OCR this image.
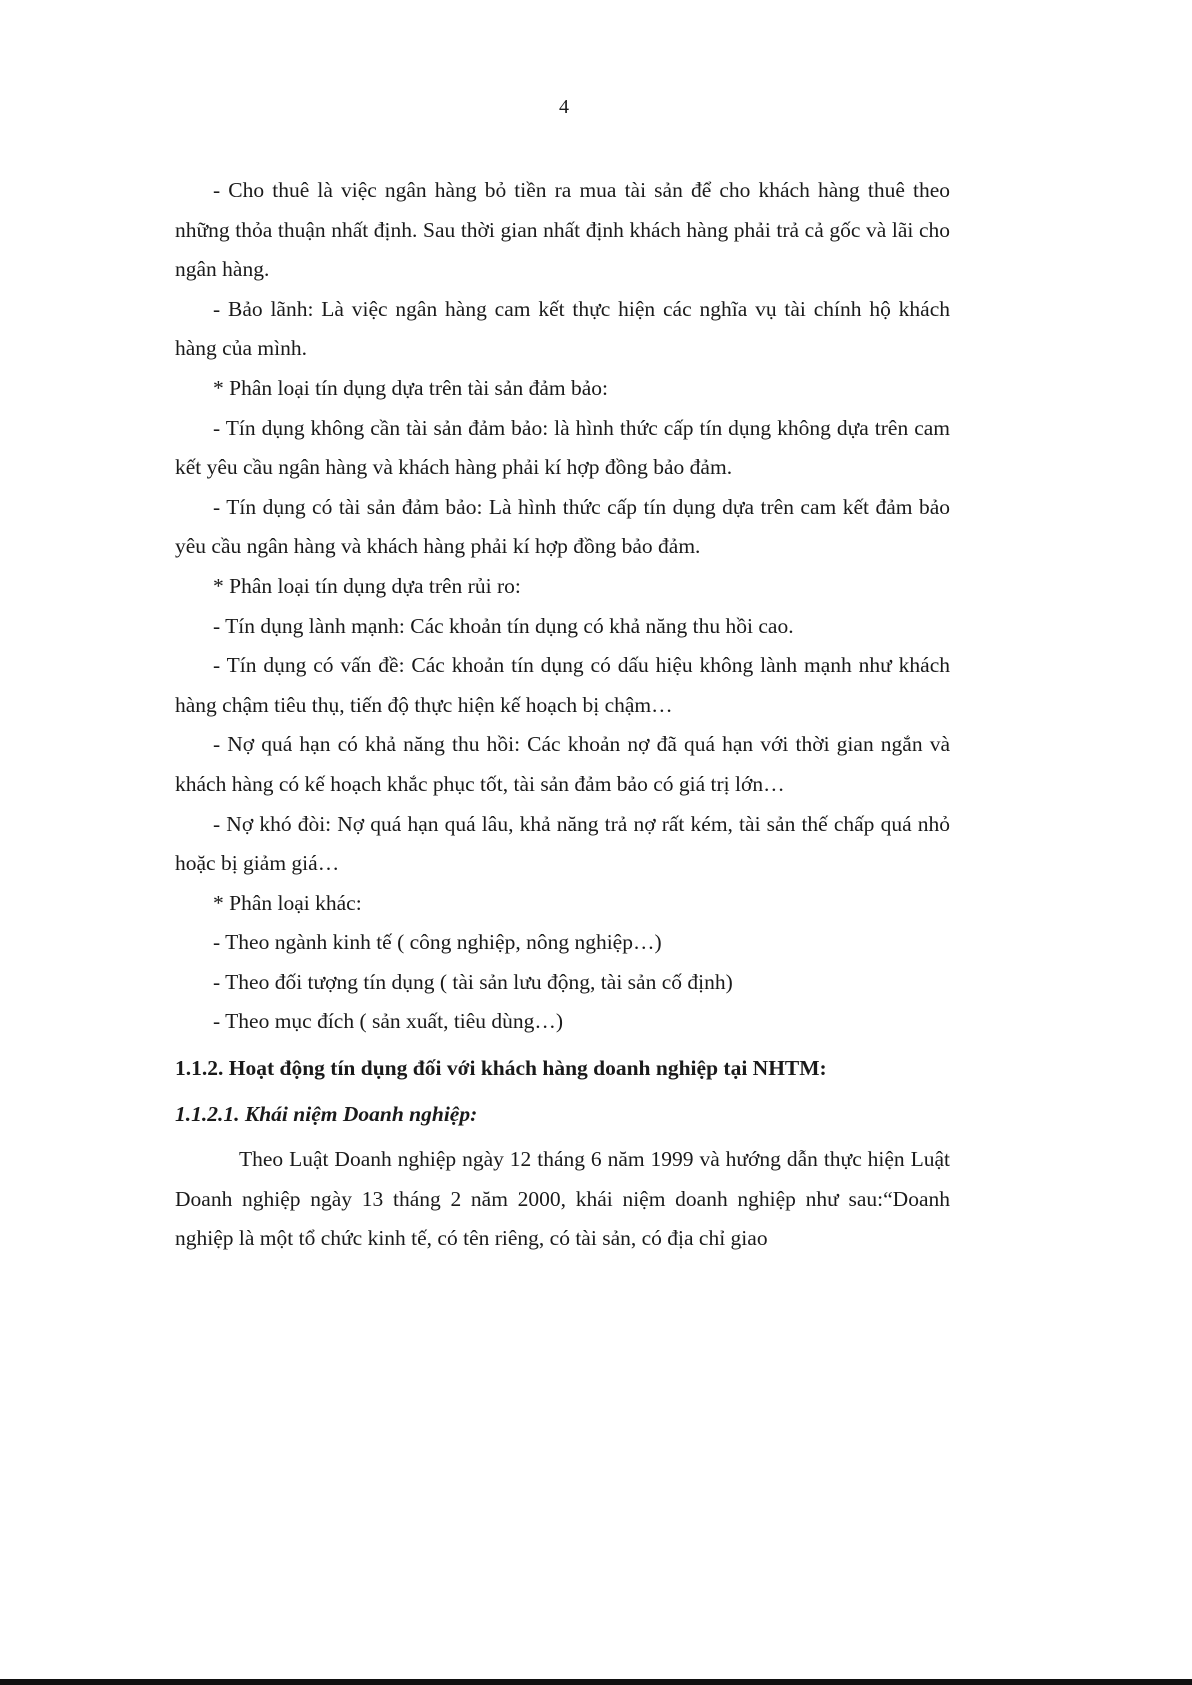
4

- Cho thuê là việc ngân hàng bỏ tiền ra mua tài sản để cho khách hàng thuê theo những thỏa thuận nhất định. Sau thời gian nhất định khách hàng phải trả cả gốc và lãi cho ngân hàng.

- Bảo lãnh: Là việc ngân hàng cam kết thực hiện các nghĩa vụ tài chính hộ khách hàng của mình.

* Phân loại tín dụng dựa trên tài sản đảm bảo:

- Tín dụng không cần tài sản đảm bảo: là hình thức cấp tín dụng không dựa trên cam kết yêu cầu ngân hàng và khách hàng phải kí hợp đồng bảo đảm.

- Tín dụng có tài sản đảm bảo: Là hình thức cấp tín dụng dựa trên cam kết đảm bảo yêu cầu ngân hàng và khách hàng phải kí hợp đồng bảo đảm.

* Phân loại tín dụng dựa trên rủi ro:

- Tín dụng lành mạnh: Các khoản tín dụng có khả năng thu hồi cao.

- Tín dụng có vấn đề: Các khoản tín dụng có dấu hiệu không lành mạnh như khách hàng chậm tiêu thụ, tiến độ thực hiện kế hoạch bị chậm…

- Nợ quá hạn có khả năng thu hồi: Các khoản nợ đã quá hạn với thời gian ngắn và khách hàng có kế hoạch khắc phục tốt, tài sản đảm bảo có giá trị lớn…

- Nợ khó đòi: Nợ quá hạn quá lâu, khả năng trả nợ rất kém, tài sản thế chấp quá nhỏ hoặc bị giảm giá…

* Phân loại khác:

- Theo ngành kinh tế ( công nghiệp, nông nghiệp…)

- Theo đối tượng tín dụng ( tài sản lưu động, tài sản cố định)

- Theo mục đích ( sản xuất, tiêu dùng…)

1.1.2. Hoạt động tín dụng đối với khách hàng doanh nghiệp tại NHTM:

1.1.2.1. Khái niệm Doanh nghiệp:

Theo Luật Doanh nghiệp ngày 12 tháng 6 năm 1999 và hướng dẫn thực hiện Luật Doanh nghiệp ngày 13 tháng 2 năm 2000, khái niệm doanh nghiệp như sau:“Doanh nghiệp là một tổ chức kinh tế, có tên riêng, có tài sản, có địa chỉ giao
